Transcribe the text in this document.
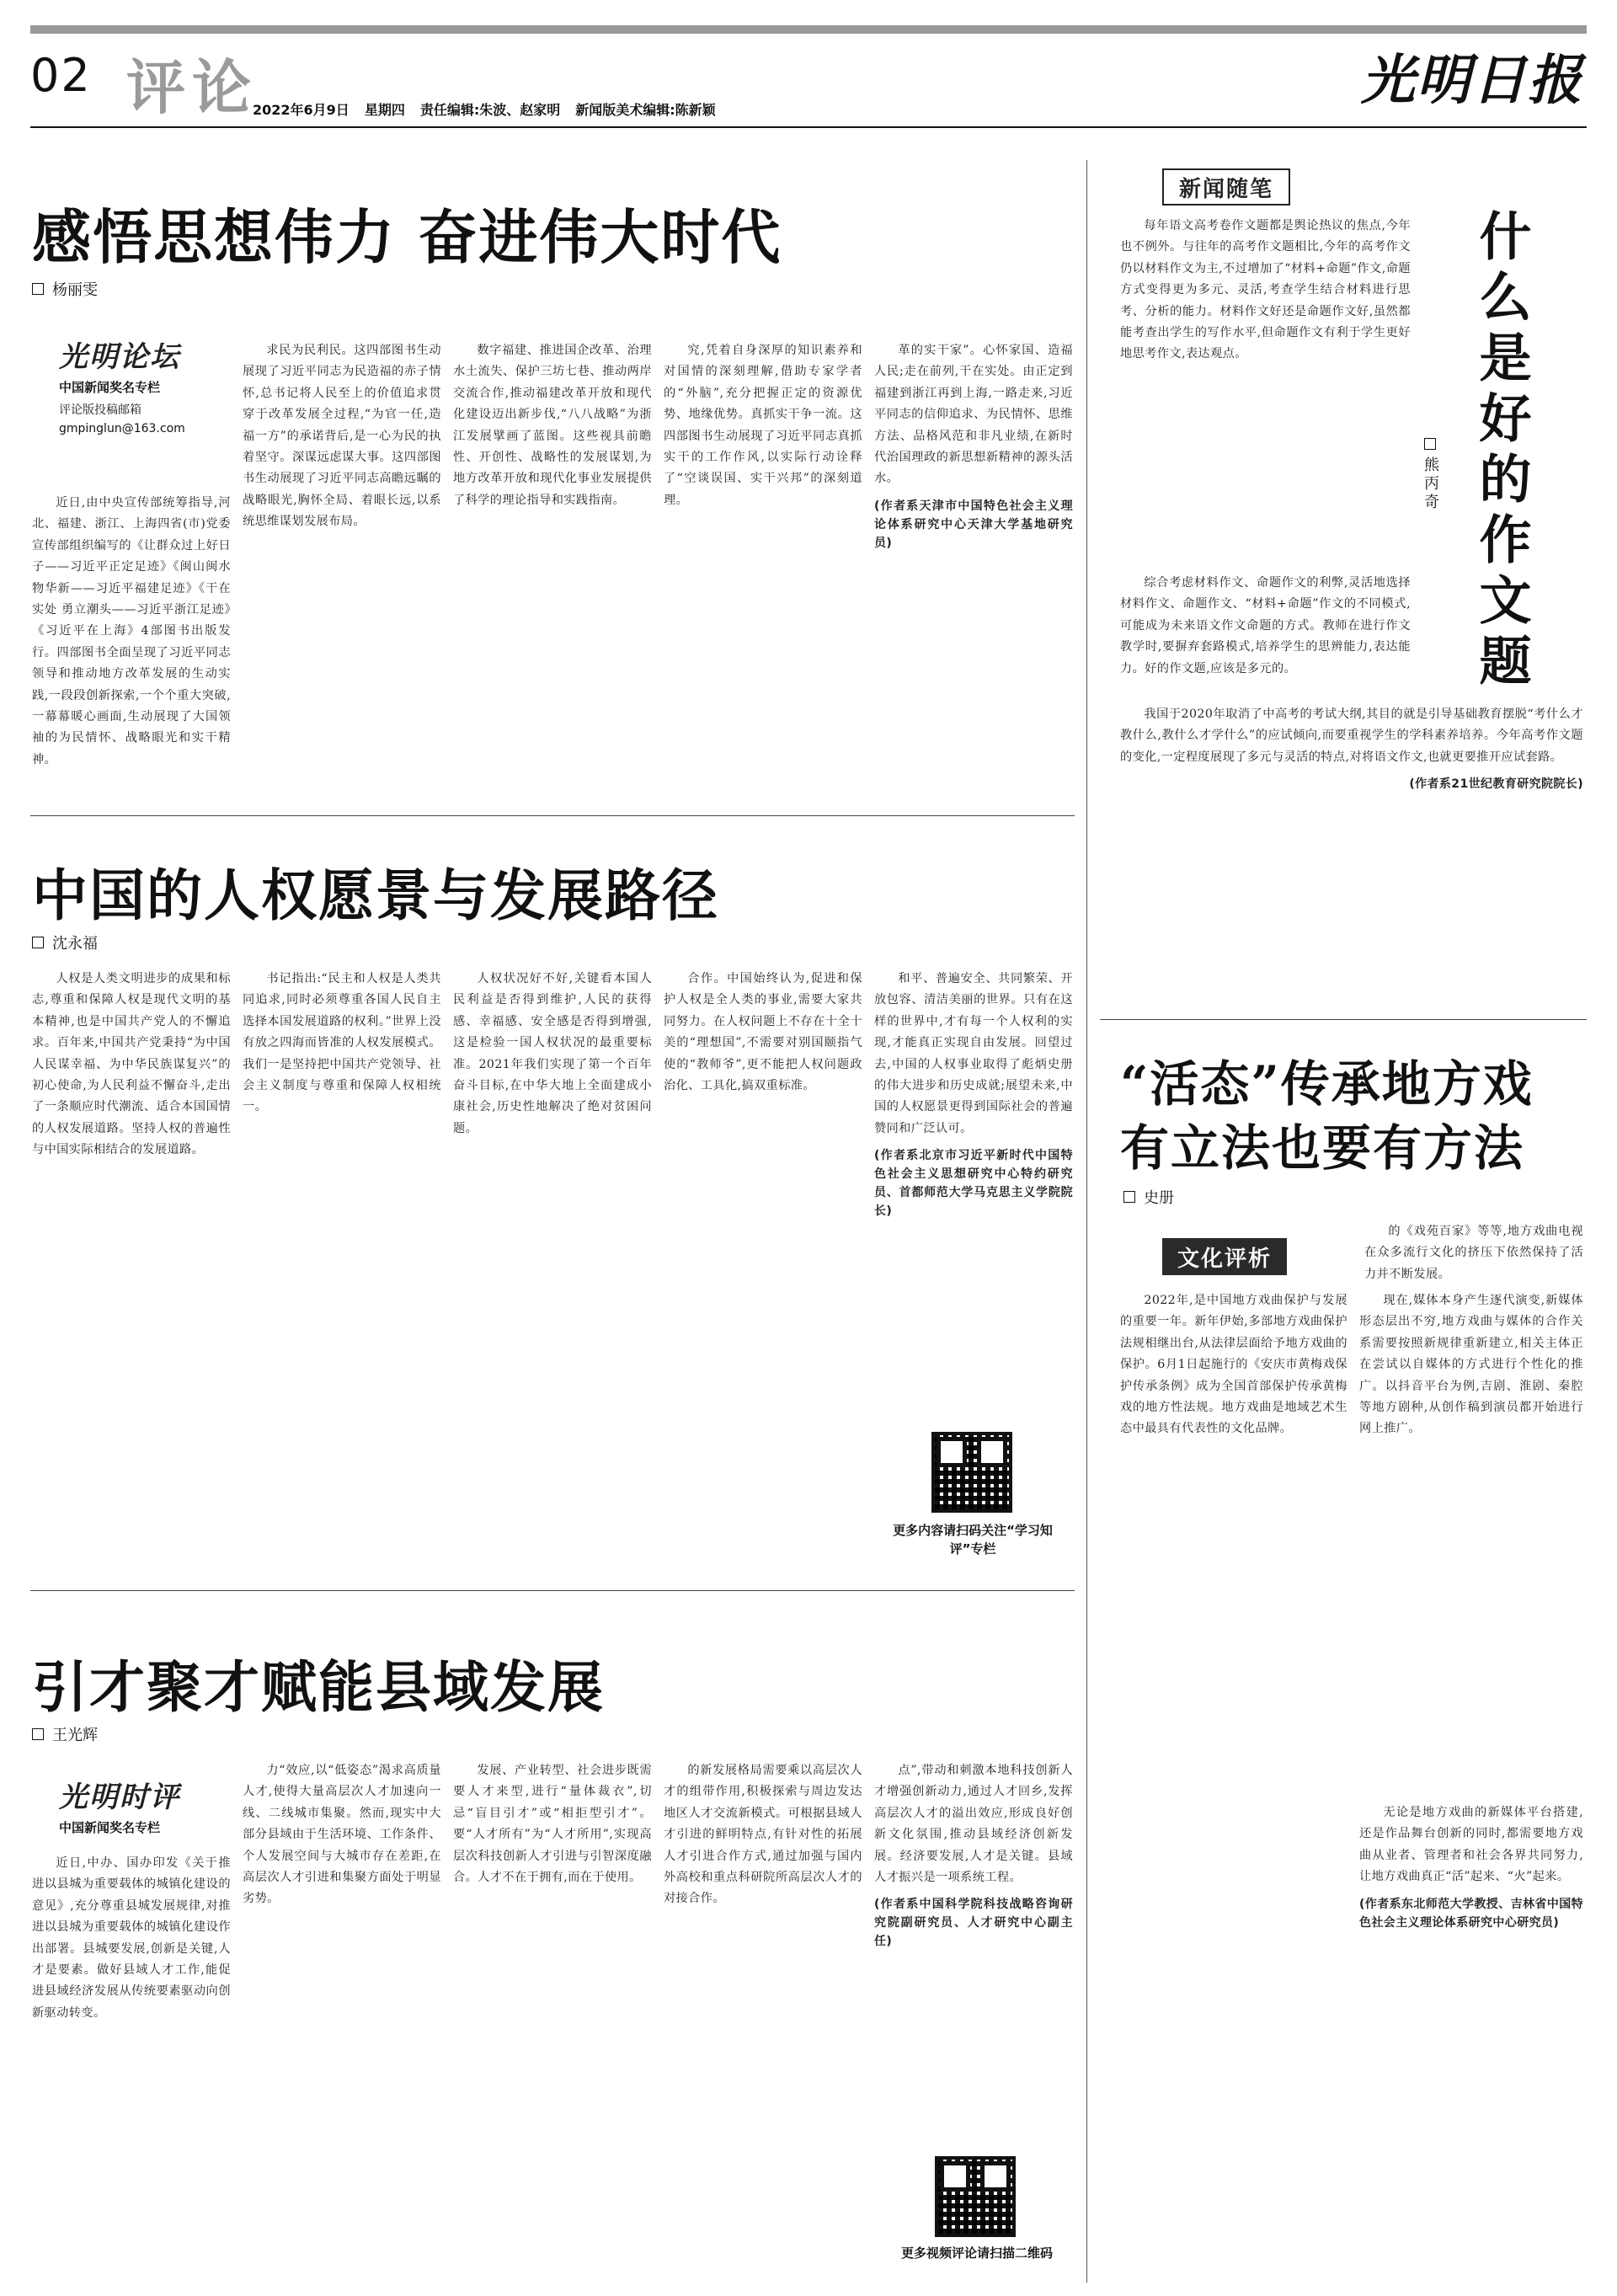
02 评论
2022年6月9日 星期四 责任编辑:朱波、赵家明 新闻版美术编辑:陈新颖	光明日报
感悟思想伟力 奋进伟大时代
杨丽雯
光明论坛
中国新闻奖名专栏
评论版投稿邮箱
gmpinglun@163.com

近日,由中央宣传部统筹指导,河北、福建、浙江、上海四省(市)党委宣传部组织编写的《让群众过上好日子——习近平正定足迹》《闽山闽水物华新——习近平福建足迹》《干在实处 勇立潮头——习近平浙江足迹》《习近平在上海》4部图书出版发行。四部图书全面呈现了习近平同志领导和推动地方改革发展的生动实践,一段段创新探索,一个个重大突破,一幕幕暖心画面,生动展现了大国领袖的为民情怀、战略眼光和实干精神。

求民为民利民。这四部图书生动展现了习近平同志为民造福的赤子情怀,总书记将人民至上的价值追求贯穿于改革发展全过程,“为官一任,造福一方”的承诺背后,是一心为民的执着坚守。深谋远虑谋大事。这四部图书生动展现了习近平同志高瞻远瞩的战略眼光,胸怀全局、着眼长远,以系统思维谋划发展布局。

数字福建、推进国企改革、治理水土流失、保护三坊七巷、推动两岸交流合作,推动福建改革开放和现代化建设迈出新步伐,“八八战略”为浙江发展擘画了蓝图。这些视具前瞻性、开创性、战略性的发展谋划,为地方改革开放和现代化事业发展提供了科学的理论指导和实践指南。

究,凭着自身深厚的知识素养和对国情的深刻理解,借助专家学者的“外脑”,充分把握正定的资源优势、地缘优势。真抓实干争一流。这四部图书生动展现了习近平同志真抓实干的工作作风,以实际行动诠释了“空谈误国、实干兴邦”的深刻道理。

革的实干家”。心怀家国、造福人民;走在前列,干在实处。由正定到福建到浙江再到上海,一路走来,习近平同志的信仰追求、为民情怀、思维方法、品格风范和非凡业绩,在新时代治国理政的新思想新精神的源头活水。

(作者系天津市中国特色社会主义理论体系研究中心天津大学基地研究员)

中国的人权愿景与发展路径
沈永福

人权是人类文明进步的成果和标志,尊重和保障人权是现代文明的基本精神,也是中国共产党人的不懈追求。百年来,中国共产党秉持“为中国人民谋幸福、为中华民族谋复兴”的初心使命,为人民利益不懈奋斗,走出了一条顺应时代潮流、适合本国国情的人权发展道路。坚持人权的普遍性与中国实际相结合的发展道路。

书记指出:“民主和人权是人类共同追求,同时必须尊重各国人民自主选择本国发展道路的权利。”世界上没有放之四海而皆准的人权发展模式。我们一是坚持把中国共产党领导、社会主义制度与尊重和保障人权相统一。

人权状况好不好,关键看本国人民利益是否得到维护,人民的获得感、幸福感、安全感是否得到增强,这是检验一国人权状况的最重要标准。2021年我们实现了第一个百年奋斗目标,在中华大地上全面建成小康社会,历史性地解决了绝对贫困问题。

合作。中国始终认为,促进和保护人权是全人类的事业,需要大家共同努力。在人权问题上不存在十全十美的“理想国”,不需要对别国颐指气使的“教师爷”,更不能把人权问题政治化、工具化,搞双重标准。

和平、普遍安全、共同繁荣、开放包容、清洁美丽的世界。只有在这样的世界中,才有每一个人权利的实现,才能真正实现自由发展。回望过去,中国的人权事业取得了彪炳史册的伟大进步和历史成就;展望未来,中国的人权愿景更得到国际社会的普遍赞同和广泛认可。

(作者系北京市习近平新时代中国特色社会主义思想研究中心特约研究员、首都师范大学马克思主义学院院长)

更多内容请扫码关注“学习知评”专栏
引才聚才赋能县域发展
王光辉
光明时评
中国新闻奖名专栏

近日,中办、国办印发《关于推进以县城为重要载体的城镇化建设的意见》,充分尊重县城发展规律,对推进以县城为重要载体的城镇化建设作出部署。县城要发展,创新是关键,人才是要素。做好县域人才工作,能促进县域经济发展从传统要素驱动向创新驱动转变。

力“效应,以“低姿态”渴求高质量人才,使得大量高层次人才加速向一线、二线城市集聚。然而,现实中大部分县域由于生活环境、工作条件、个人发展空间与大城市存在差距,在高层次人才引进和集聚方面处于明显劣势。

发展、产业转型、社会进步既需要人才来型,进行“量体裁衣”,切忌“盲目引才”或“相拒型引才”。要“人才所有”为“人才所用”,实现高层次科技创新人才引进与引智深度融合。人才不在于拥有,而在于使用。

的新发展格局需要乘以高层次人才的组带作用,积极探索与周边发达地区人才交流新模式。可根据县域人才引进的鲜明特点,有针对性的拓展人才引进合作方式,通过加强与国内外高校和重点科研院所高层次人才的对接合作。

点”,带动和刺激本地科技创新人才增强创新动力,通过人才回乡,发挥高层次人才的溢出效应,形成良好创新文化氛围,推动县域经济创新发展。经济要发展,人才是关键。县域人才振兴是一项系统工程。

(作者系中国科学院科技战略咨询研究院副研究员、人才研究中心副主任)

更多视频评论请扫描二维码
新闻随笔
什么是好的作文题
熊丙奇

每年语文高考卷作文题都是舆论热议的焦点,今年也不例外。与往年的高考作文题相比,今年的高考作文仍以材料作文为主,不过增加了“材料+命题”作文,命题方式变得更为多元、灵活,考查学生结合材料进行思考、分析的能力。材料作文好还是命题作文好,虽然都能考查出学生的写作水平,但命题作文有利于学生更好地思考作文,表达观点。

综合考虑材料作文、命题作文的利弊,灵活地选择材料作文、命题作文、“材料+命题”作文的不同模式,可能成为未来语文作文命题的方式。教师在进行作文教学时,要摒弃套路模式,培养学生的思辨能力,表达能力。好的作文题,应该是多元的。

我国于2020年取消了中高考的考试大纲,其目的就是引导基础教育摆脱“考什么才教什么,教什么才学什么”的应试倾向,而要重视学生的学科素养培养。今年高考作文题的变化,一定程度展现了多元与灵活的特点,对将语文作文,也就更要推开应试套路。

(作者系21世纪教育研究院院长)

“活态”传承地方戏
有立法也要有方法
史册

的《戏苑百家》等等,地方戏曲电视在众多流行文化的挤压下依然保持了活力并不断发展。

文化评析

2022年,是中国地方戏曲保护与发展的重要一年。新年伊始,多部地方戏曲保护法规相继出台,从法律层面给予地方戏曲的保护。6月1日起施行的《安庆市黄梅戏保护传承条例》成为全国首部保护传承黄梅戏的地方性法规。地方戏曲是地域艺术生态中最具有代表性的文化品牌。

现在,媒体本身产生逐代演变,新媒体形态层出不穷,地方戏曲与媒体的合作关系需要按照新规律重新建立,相关主体正在尝试以自媒体的方式进行个性化的推广。以抖音平台为例,吉剧、淮剧、秦腔等地方剧种,从创作稿到演员都开始进行网上推广。

无论是地方戏曲的新媒体平台搭建,还是作品舞台创新的同时,都需要地方戏曲从业者、管理者和社会各界共同努力,让地方戏曲真正“活”起来、“火”起来。

(作者系东北师范大学教授、吉林省中国特色社会主义理论体系研究中心研究员)
